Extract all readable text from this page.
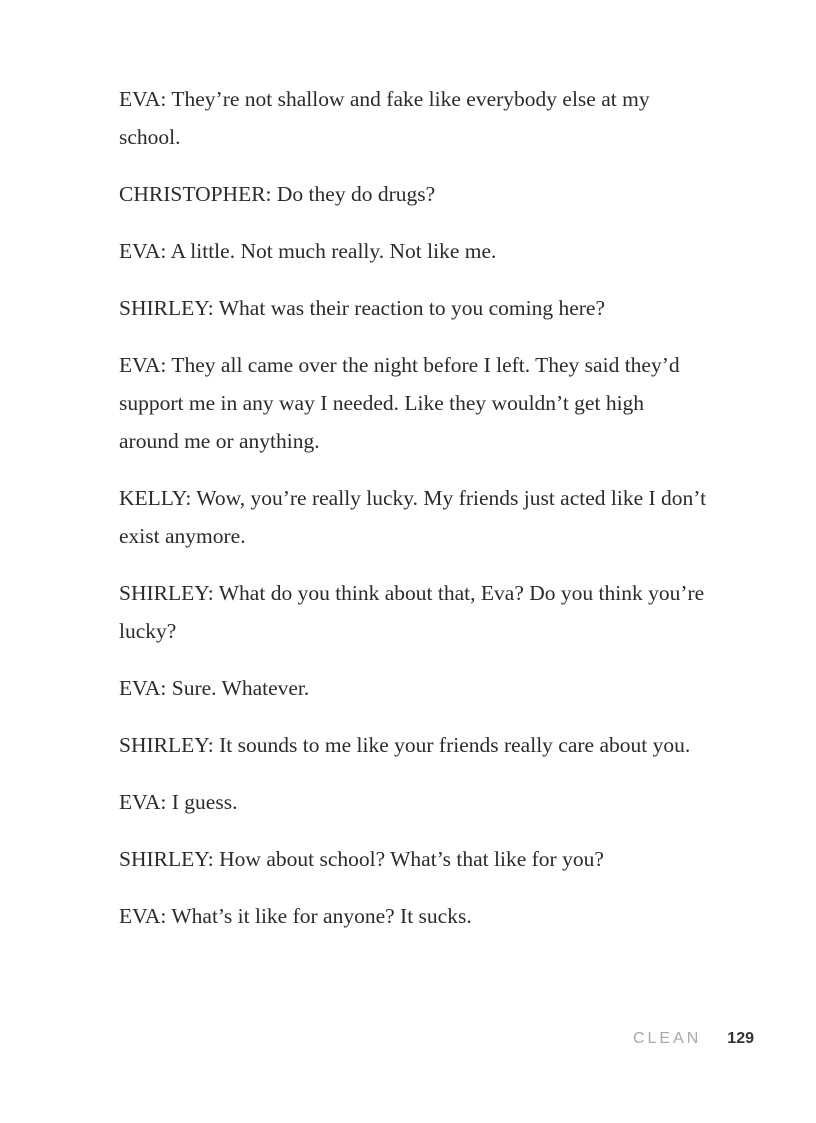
EVA: They’re not shallow and fake like everybody else at my school.

CHRISTOPHER: Do they do drugs?

EVA: A little. Not much really. Not like me.

SHIRLEY: What was their reaction to you coming here?

EVA: They all came over the night before I left. They said they’d support me in any way I needed. Like they wouldn’t get high around me or anything.

KELLY: Wow, you’re really lucky. My friends just acted like I don’t exist anymore.

SHIRLEY: What do you think about that, Eva? Do you think you’re lucky?

EVA: Sure. Whatever.

SHIRLEY: It sounds to me like your friends really care about you.

EVA: I guess.

SHIRLEY: How about school? What’s that like for you?

EVA: What’s it like for anyone? It sucks.

CLEAN 129
